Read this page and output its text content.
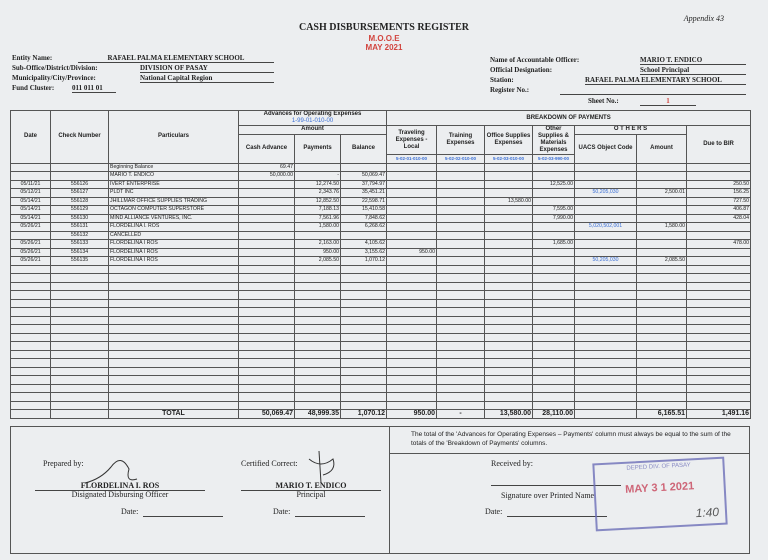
Appendix 43
CASH DISBURSEMENTS REGISTER
M.O.O.E
MAY 2021
Entity Name:	RAFAEL PALMA ELEMENTARY SCHOOL
Sub-Office/District/Division:	DIVISION OF PASAY
Municipality/City/Province:	National Capital Region
Fund Cluster:	011 011 01
Name of Accountable Officer:	MARIO T. ENDICO
Official Designation:	School Principal
Station:	RAFAEL PALMA ELEMENTARY SCHOOL
Register No.:
Sheet No.:	1
Date	Check Number	Particulars	Advances for Operating Expenses
1-99-01-010-00			BREAKDOWN OF PAYMENTS						
			Amount			Traveling Expenses - Local	Training Expenses	Office Supplies Expenses	Other Supplies & Materials Expenses	O T H E R S		Due to BIR
			Cash Advance	Payments	Balance					UACS Object Code	Amount	
						5-02-01-010-00	5-02-02-010-00	5-02-03-010-00	5-02-03-990-00			
		Beginning Balance	69.47									
		MARIO T. ENDICO	50,000.00	-	50,069.47							
05/11/21	556126	IVERT ENTERPRISE		12,274.50	37,794.97				12,525.00			250.50
05/12/21	556127	PLDT INC		2,343.76	35,451.21					50,205,030	2,500.01	156.25
05/14/21	556128	JHILLMAR OFFICE SUPPLIES TRADING		12,852.50	22,598.71			13,580.00				727.50
05/14/21	556129	OCTAGON COMPUTER SUPERSTORE		7,188.13	15,410.58				7,595.00			406.87
05/14/21	556130	MIND ALLIANCE VENTURES, INC.		7,561.96	7,848.62				7,990.00			428.04
05/26/21	556131	FLORDELINA I. ROS		1,580.00	6,268.62					5,020,502,001	1,580.00	
	556132	CANCELLED										
05/26/21	556133	FLORDELINA I ROS		2,163.00	4,105.62				1,685.00			478.00
05/26/21	556134	FLORDELINA I ROS		950.00	3,155.62	950.00						
05/26/21	556135	FLORDELINA I ROS		2,085.50	1,070.12					50,205,030	2,085.50	

		TOTAL	50,069.47	48,999.35	1,070.12	950.00	-	13,580.00	28,110.00		6,165.51	1,491.16
The total of the 'Advances for Operating Expenses – Payments' column must always be equal to the sum of the totals of the 'Breakdown of Payments' columns.
Prepared by:
FLORDELINA I. ROS
Disignated Disbursing Officer
Date:
Certified Correct:
MARIO T. ENDICO
Principal
Date:
Received by:
Signature over Printed Name
Date:
DEPED DIV. OF PASAY
MAY 3 1 2021
1:40
